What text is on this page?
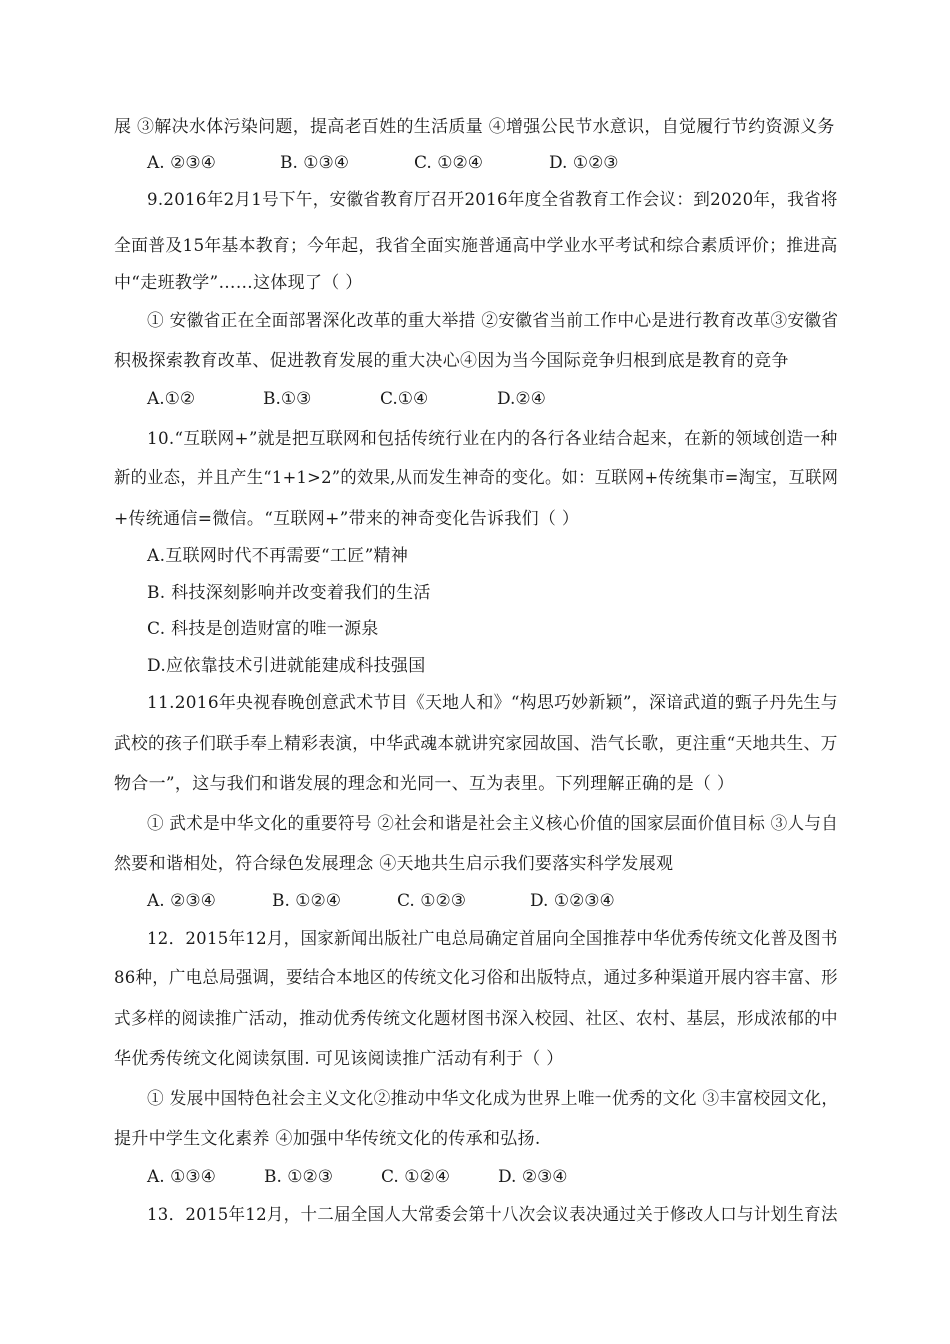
展 ③解决水体污染问题，提高老百姓的生活质量 ④增强公民节水意识，自觉履行节约资源义务
A. ②③④	B. ①③④	C. ①②④	D. ①②③
9.2016年2月1号下午，安徽省教育厅召开2016年度全省教育工作会议：到2020年，我省将
全面普及15年基本教育；今年起，我省全面实施普通高中学业水平考试和综合素质评价；推进高
中“走班教学”……这体现了（ ）
① 安徽省正在全面部署深化改革的重大举措 ②安徽省当前工作中心是进行教育改革③安徽省
积极探索教育改革、促进教育发展的重大决心④因为当今国际竞争归根到底是教育的竞争
A.①②	B.①③	C.①④	D.②④
10.“互联网+”就是把互联网和包括传统行业在内的各行各业结合起来，在新的领域创造一种
新的业态，并且产生“1+1>2”的效果,从而发生神奇的变化。如：互联网+传统集市=淘宝，互联网
+传统通信=微信。“互联网+”带来的神奇变化告诉我们（ ）
A.互联网时代不再需要“工匠”精神
B. 科技深刻影响并改变着我们的生活
C. 科技是创造财富的唯一源泉
D.应依靠技术引进就能建成科技强国
11.2016年央视春晚创意武术节目《天地人和》“构思巧妙新颖”，深谙武道的甄子丹先生与
武校的孩子们联手奉上精彩表演，中华武魂本就讲究家园故国、浩气长歌，更注重“天地共生、万
物合一”，这与我们和谐发展的理念和光同一、互为表里。下列理解正确的是（ ）
① 武术是中华文化的重要符号 ②社会和谐是社会主义核心价值的国家层面价值目标 ③人与自
然要和谐相处，符合绿色发展理念 ④天地共生启示我们要落实科学发展观
A. ②③④	B. ①②④	C. ①②③	D. ①②③④
12．2015年12月，国家新闻出版社广电总局确定首届向全国推荐中华优秀传统文化普及图书
86种，广电总局强调，要结合本地区的传统文化习俗和出版特点，通过多种渠道开展内容丰富、形
式多样的阅读推广活动，推动优秀传统文化题材图书深入校园、社区、农村、基层，形成浓郁的中
华优秀传统文化阅读氛围. 可见该阅读推广活动有利于（ ）
① 发展中国特色社会主义文化②推动中华文化成为世界上唯一优秀的文化 ③丰富校园文化，
提升中学生文化素养 ④加强中华传统文化的传承和弘扬.
A. ①③④	B. ①②③	C. ①②④	D. ②③④
13．2015年12月，十二届全国人大常委会第十八次会议表决通过关于修改人口与计划生育法
